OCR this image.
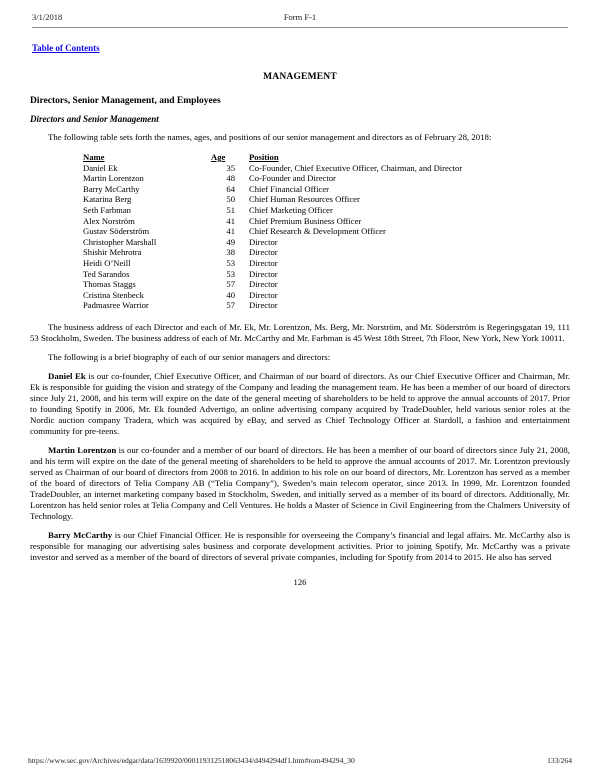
3/1/2018	Form F-1
Table of Contents
MANAGEMENT
Directors, Senior Management, and Employees
Directors and Senior Management

The following table sets forth the names, ages, and positions of our senior management and directors as of February 28, 2018:

Name	Age	Position
Daniel Ek	35	Co-Founder, Chief Executive Officer, Chairman, and Director
Martin Lorentzon	48	Co-Founder and Director
Barry McCarthy	64	Chief Financial Officer
Katarina Berg	50	Chief Human Resources Officer
Seth Farbman	51	Chief Marketing Officer
Alex Norström	41	Chief Premium Business Officer
Gustav Söderström	41	Chief Research & Development Officer
Christopher Marshall	49	Director
Shishir Mehrotra	38	Director
Heidi O’Neill	53	Director
Ted Sarandos	53	Director
Thomas Staggs	57	Director
Cristina Stenbeck	40	Director
Padmasree Warrior	57	Director

The business address of each Director and each of Mr. Ek, Mr. Lorentzon, Ms. Berg, Mr. Norström, and Mr. Söderström is Regeringsgatan 19, 111 53 Stockholm, Sweden. The business address of each of Mr. McCarthy and Mr. Farbman is 45 West 18th Street, 7th Floor, New York, New York 10011.

The following is a brief biography of each of our senior managers and directors:

Daniel Ek is our co-founder, Chief Executive Officer, and Chairman of our board of directors. As our Chief Executive Officer and Chairman, Mr. Ek is responsible for guiding the vision and strategy of the Company and leading the management team. He has been a member of our board of directors since July 21, 2008, and his term will expire on the date of the general meeting of shareholders to be held to approve the annual accounts of 2017. Prior to founding Spotify in 2006, Mr. Ek founded Advertigo, an online advertising company acquired by TradeDoubler, held various senior roles at the Nordic auction company Tradera, which was acquired by eBay, and served as Chief Technology Officer at Stardoll, a fashion and entertainment community for pre-teens.

Martin Lorentzon is our co-founder and a member of our board of directors. He has been a member of our board of directors since July 21, 2008, and his term will expire on the date of the general meeting of shareholders to be held to approve the annual accounts of 2017. Mr. Lorentzon previously served as Chairman of our board of directors from 2008 to 2016. In addition to his role on our board of directors, Mr. Lorentzon has served as a member of the board of directors of Telia Company AB (“Telia Company”), Sweden’s main telecom operator, since 2013. In 1999, Mr. Lorentzon founded TradeDoubler, an internet marketing company based in Stockholm, Sweden, and initially served as a member of its board of directors. Additionally, Mr. Lorentzon has held senior roles at Telia Company and Cell Ventures. He holds a Master of Science in Civil Engineering from the Chalmers University of Technology.

Barry McCarthy is our Chief Financial Officer. He is responsible for overseeing the Company’s financial and legal affairs. Mr. McCarthy also is responsible for managing our advertising sales business and corporate development activities. Prior to joining Spotify, Mr. McCarthy was a private investor and served as a member of the board of directors of several private companies, including for Spotify from 2014 to 2015. He also has served

126
https://www.sec.gov/Archives/edgar/data/1639920/000119312518063434/d494294df1.htm#rom494294_30	133/264
